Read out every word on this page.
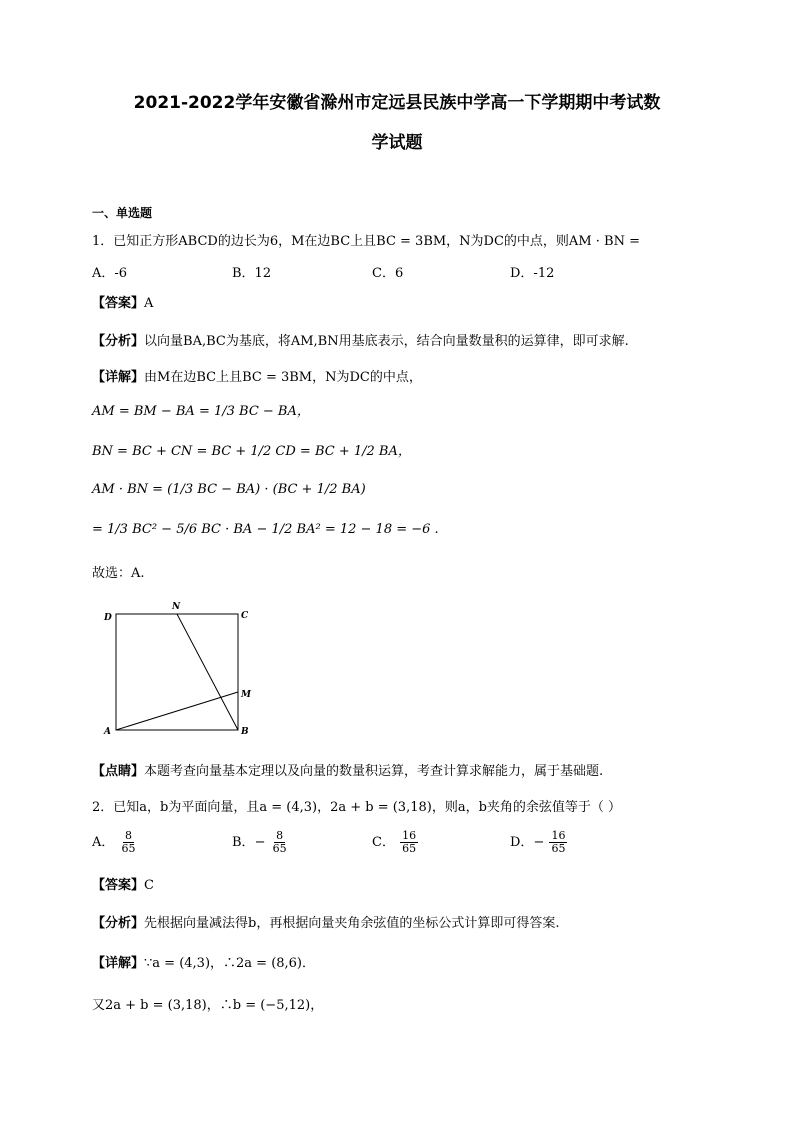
2021-2022学年安徽省滁州市定远县民族中学高一下学期期中考试数
学试题
一、单选题
1．已知正方形ABCD的边长为6，M在边BC上且BC = 3BM，N为DC的中点，则AM · BN =
A．-6	B．12	C．6	D．-12
【答案】A
【分析】以向量BA,BC为基底，将AM,BN用基底表示，结合向量数量积的运算律，即可求解.
【详解】由M在边BC上且BC = 3BM，N为DC的中点，
AM = BM − BA = 1/3 BC − BA，
BN = BC + CN = BC + 1/2 CD = BC + 1/2 BA，
AM · BN = (1/3 BC − BA) · (BC + 1/2 BA)
= 1/3 BC² − 5/6 BC · BA − 1/2 BA² = 12 − 18 = −6 .
故选：A.
D
N
C
M
A	B
【点睛】本题考查向量基本定理以及向量的数量积运算，考查计算求解能力，属于基础题.
2．已知a，b为平面向量，且a = (4,3)，2a + b = (3,18)，则a，b夹角的余弦值等于（ ）
A． $\frac{8}{65}$	B．− $\frac{8}{65}$	C． $\frac{16}{65}$	D．− $\frac{16}{65}$
【答案】C
【分析】先根据向量减法得b，再根据向量夹角余弦值的坐标公式计算即可得答案.
【详解】∵a = (4,3)，∴2a = (8,6)．
又2a + b = (3,18)，∴b = (−5,12)，
